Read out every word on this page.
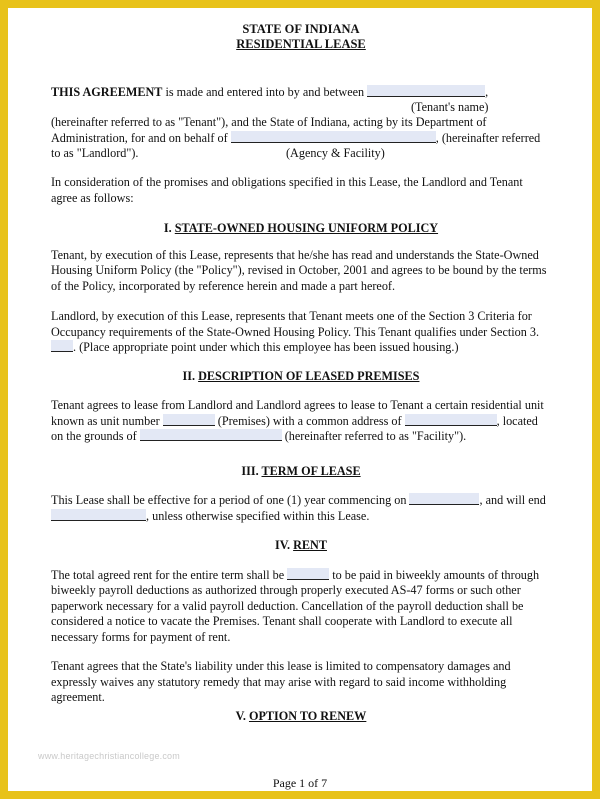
STATE OF INDIANA
RESIDENTIAL LEASE

THIS AGREEMENT is made and entered into by and between	,

(Tenant's name)

(hereinafter referred to as "Tenant"), and the State of Indiana, acting by its Department of Administration, for and on behalf of	, (hereinafter referred to as "Landlord").	(Agency & Facility)

In consideration of the promises and obligations specified in this Lease, the Landlord and Tenant agree as follows:

I. STATE-OWNED HOUSING UNIFORM POLICY

Tenant, by execution of this Lease, represents that he/she has read and understands the State-Owned Housing Uniform Policy (the "Policy"), revised in October, 2001 and agrees to be bound by the terms of the Policy, incorporated by reference herein and made a part hereof.

Landlord, by execution of this Lease, represents that Tenant meets one of the Section 3 Criteria for Occupancy requirements of the State-Owned Housing Policy. This Tenant qualifies under Section 3.. (Place appropriate point under which this employee has been issued housing.)

II. DESCRIPTION OF LEASED PREMISES

Tenant agrees to lease from Landlord and Landlord agrees to lease to Tenant a certain residential unit known as unit number	(Premises) with a common address of	, located on the grounds of	(hereinafter referred to as "Facility").

III. TERM OF LEASE

This Lease shall be effective for a period of one (1) year commencing on	, and will end , unless otherwise specified within this Lease.

IV. RENT

The total agreed rent for the entire term shall be	to be paid in biweekly amounts of through biweekly payroll deductions as authorized through properly executed AS-47 forms or such other paperwork necessary for a valid payroll deduction. Cancellation of the payroll deduction shall be considered a notice to vacate the Premises. Tenant shall cooperate with Landlord to execute all necessary forms for payment of rent.

Tenant agrees that the State's liability under this lease is limited to compensatory damages and expressly waives any statutory remedy that may arise with regard to said income withholding agreement.

V. OPTION TO RENEW
www.heritagechristiancollege.com
Page 1 of 7
